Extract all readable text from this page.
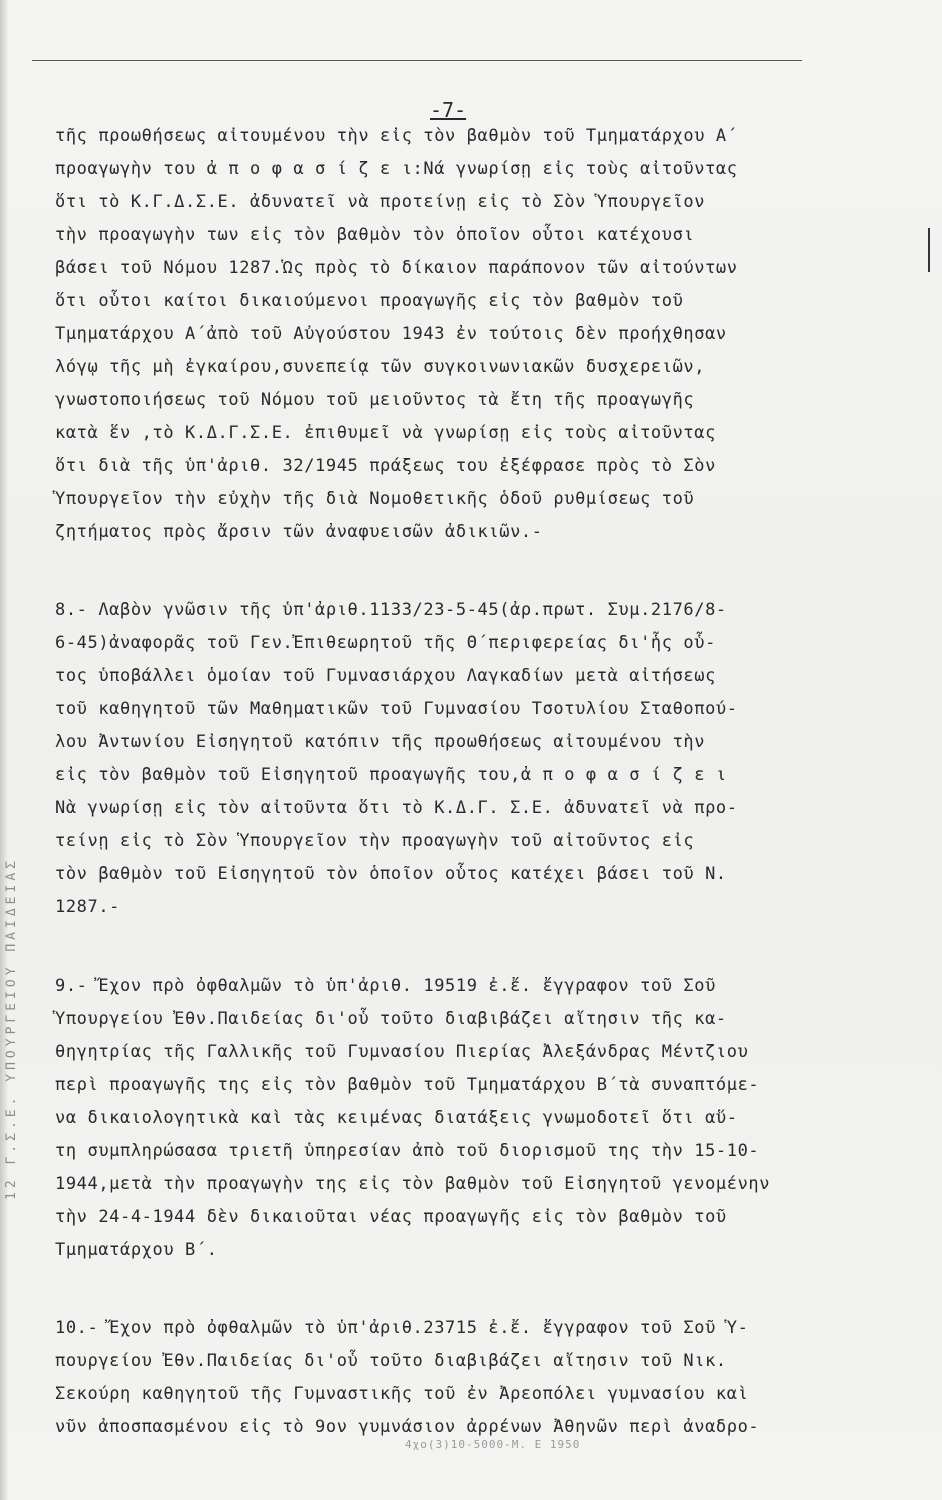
12 Γ.Σ.Ε. ΥΠΟΥΡΓΕΙΟΥ ΠΑΙΔΕΙΑΣ
-7-
τῆς προωθήσεως αἰτουμένου τὴν εἰς τὸν βαθμὸν τοῦ Τμηματάρχου Α΄
προαγωγὴν του ἀ π ο φ α σ ί ζ ε ι:Νά γνωρίσῃ εἰς τοὺς αἰτοῦντας
ὅτι τὸ Κ.Γ.Δ.Σ.Ε. ἀδυνατεῖ νὰ προτείνῃ εἰς τὸ Σὸν Ὑπουργεῖον
τὴν προαγωγὴν των εἰς τὸν βαθμὸν τὸν ὁποῖον οὗτοι κατέχουσι
βάσει τοῦ Νόμου 1287.Ὡς πρὸς τὸ δίκαιον παράπονον τῶν αἰτούντων
ὅτι οὗτοι καίτοι δικαιούμενοι προαγωγῆς εἰς τὸν βαθμὸν τοῦ
Τμηματάρχου Α΄ἀπὸ τοῦ Αὐγούστου 1943 ἐν τούτοις δὲν προήχθησαν
λόγῳ τῆς μὴ ἐγκαίρου,συνεπείᾳ τῶν συγκοινωνιακῶν δυσχερειῶν,
γνωστοποιήσεως τοῦ Νόμου τοῦ μειοῦντος τὰ ἔτη τῆς προαγωγῆς
κατὰ ἕν ,τὸ Κ.Δ.Γ.Σ.Ε. ἐπιθυμεῖ νὰ γνωρίσῃ εἰς τοὺς αἰτοῦντας
ὅτι διὰ τῆς ὑπ'ἀριθ. 32/1945 πράξεως του ἐξέφρασε πρὸς τὸ Σὸν
Ὑπουργεῖον τὴν εὐχὴν τῆς διὰ Νομοθετικῆς ὁδοῦ ρυθμίσεως τοῦ
ζητήματος πρὸς ἄρσιν τῶν ἀναφυεισῶν ἀδικιῶν.-
8.- Λαβὸν γνῶσιν τῆς ὑπ'ἀριθ.1133/23-5-45(ἀρ.πρωτ. Συμ.2176/8-
6-45)ἀναφορᾶς τοῦ Γεν.Ἐπιθεωρητοῦ τῆς Θ΄περιφερείας δι'ἧς οὗ-
τος ὑποβάλλει ὁμοίαν τοῦ Γυμνασιάρχου Λαγκαδίων μετὰ αἰτήσεως
τοῦ καθηγητοῦ τῶν Μαθηματικῶν τοῦ Γυμνασίου Τσοτυλίου Σταθοπού-
λου Ἀντωνίου Εἰσηγητοῦ κατόπιν τῆς προωθήσεως αἰτουμένου τὴν
εἰς τὸν βαθμὸν τοῦ Εἰσηγητοῦ προαγωγῆς του,ἀ π ο φ α σ ί ζ ε ι
Νὰ γνωρίσῃ εἰς τὸν αἰτοῦντα ὅτι τὸ Κ.Δ.Γ. Σ.Ε. ἀδυνατεῖ νὰ προ-
τείνῃ εἰς τὸ Σὸν Ὑπουργεῖον τὴν προαγωγὴν τοῦ αἰτοῦντος εἰς
τὸν βαθμὸν τοῦ Εἰσηγητοῦ τὸν ὁποῖον οὗτος κατέχει βάσει τοῦ Ν.
1287.-
9.- Ἔχον πρὸ ὀφθαλμῶν τὸ ὑπ'ἀριθ. 19519 ἐ.ἔ. ἔγγραφον τοῦ Σοῦ
Ὑπουργείου Ἐθν.Παιδείας δι'οὗ τοῦτο διαβιβάζει αἴτησιν τῆς κα-
θηγητρίας τῆς Γαλλικῆς τοῦ Γυμνασίου Πιερίας Ἀλεξάνδρας Μέντζιου
περὶ προαγωγῆς της εἰς τὸν βαθμὸν τοῦ Τμηματάρχου Β΄τὰ συναπτόμε-
να δικαιολογητικὰ καὶ τὰς κειμένας διατάξεις γνωμοδοτεῖ ὅτι αὕ-
τη συμπληρώσασα τριετῆ ὑπηρεσίαν ἀπὸ τοῦ διορισμοῦ της τὴν 15-10-
1944,μετὰ τὴν προαγωγὴν της εἰς τὸν βαθμὸν τοῦ Εἰσηγητοῦ γενομένην
τὴν 24-4-1944 δὲν δικαιοῦται νέας προαγωγῆς εἰς τὸν βαθμὸν τοῦ
Τμηματάρχου Β΄.
10.- Ἔχον πρὸ ὀφθαλμῶν τὸ ὑπ'ἀριθ.23715 ἐ.ἔ. ἔγγραφον τοῦ Σοῦ Ὑ-
πουργείου Ἐθν.Παιδείας δι'οὗ τοῦτο διαβιβάζει αἴτησιν τοῦ Νικ.
Σεκούρη καθηγητοῦ τῆς Γυμναστικῆς τοῦ ἐν Ἀρεοπόλει γυμνασίου καὶ
νῦν ἀποσπασμένου εἰς τὸ 9ον γυμνάσιον ἀρρένων Ἀθηνῶν περὶ ἀναδρο-
4χο(3)10-5000-Μ. Ε 1950
